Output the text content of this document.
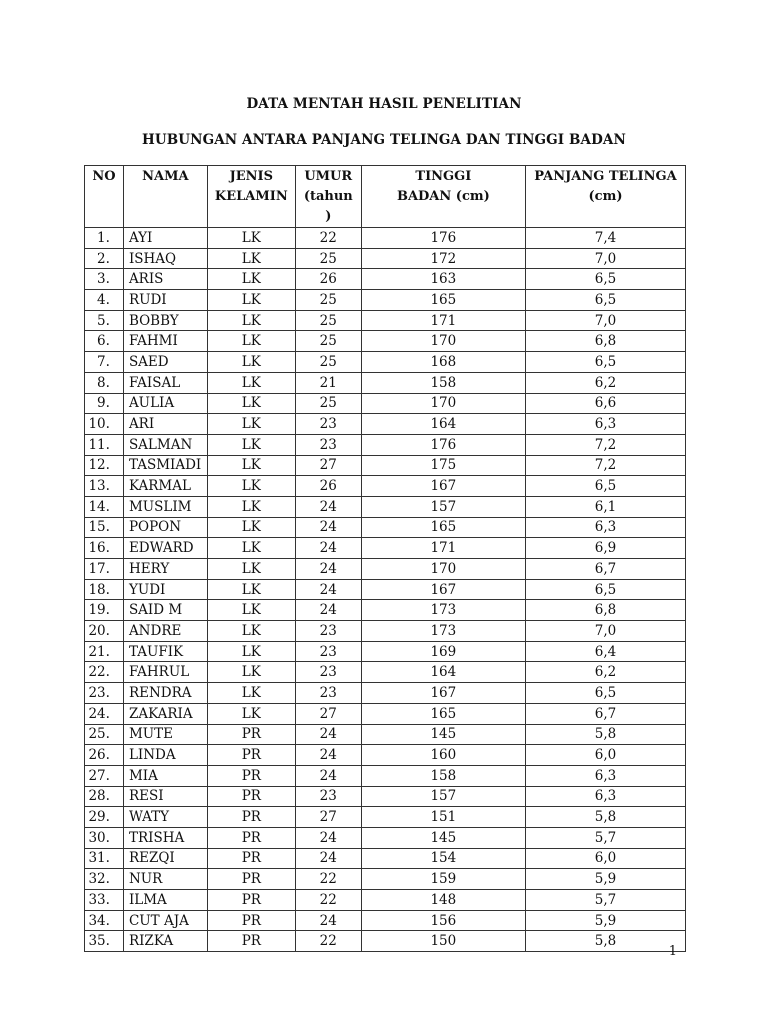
DATA MENTAH HASIL PENELITIAN
HUBUNGAN ANTARA PANJANG TELINGA DAN TINGGI BADAN
NO	NAMA	JENIS KELAMIN	UMUR (tahun )	TINGGI BADAN (cm)	PANJANG TELINGA (cm)
1.	AYI	LK	22	176	7,4
2.	ISHAQ	LK	25	172	7,0
3.	ARIS	LK	26	163	6,5
4.	RUDI	LK	25	165	6,5
5.	BOBBY	LK	25	171	7,0
6.	FAHMI	LK	25	170	6,8
7.	SAED	LK	25	168	6,5
8.	FAISAL	LK	21	158	6,2
9.	AULIA	LK	25	170	6,6
10.	ARI	LK	23	164	6,3
11.	SALMAN	LK	23	176	7,2
12.	TASMIADI	LK	27	175	7,2
13.	KARMAL	LK	26	167	6,5
14.	MUSLIM	LK	24	157	6,1
15.	POPON	LK	24	165	6,3
16.	EDWARD	LK	24	171	6,9
17.	HERY	LK	24	170	6,7
18.	YUDI	LK	24	167	6,5
19.	SAID M	LK	24	173	6,8
20.	ANDRE	LK	23	173	7,0
21.	TAUFIK	LK	23	169	6,4
22.	FAHRUL	LK	23	164	6,2
23.	RENDRA	LK	23	167	6,5
24.	ZAKARIA	LK	27	165	6,7
25.	MUTE	PR	24	145	5,8
26.	LINDA	PR	24	160	6,0
27.	MIA	PR	24	158	6,3
28.	RESI	PR	23	157	6,3
29.	WATY	PR	27	151	5,8
30.	TRISHA	PR	24	145	5,7
31.	REZQI	PR	24	154	6,0
32.	NUR	PR	22	159	5,9
33.	ILMA	PR	22	148	5,7
34.	CUT AJA	PR	24	156	5,9
35.	RIZKA	PR	22	150	5,8
1
